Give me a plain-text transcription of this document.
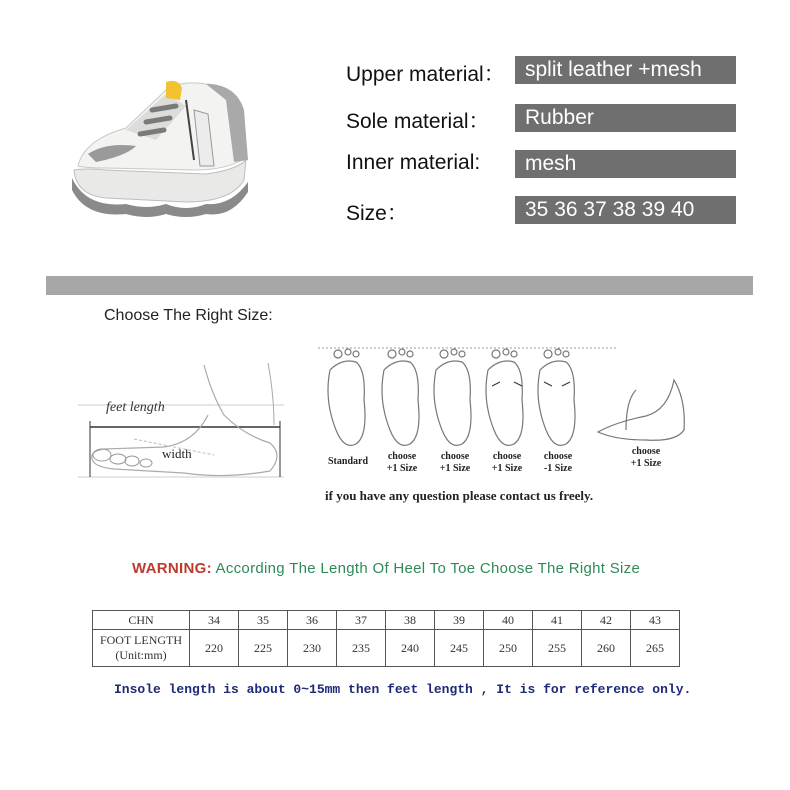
Upper material： split leather +mesh
Sole material：	Rubber
Inner material:	mesh
Size：	35 36 37 38 39 40
Choose The Right Size:
feet length
width
Standard	choose
+1 Size
choose
+1 Size
choose
+1 Size
choose
-1 Size
choose
+1 Size
if you have any question please contact us freely.
WARNING: According The Length Of Heel To Toe Choose The Right Size
CHN	34	35	36	37	38	39	40	41	42	43
FOOT LENGTH
(Unit:mm)	220	225	230	235	240	245	250	255	260	265
Insole length is about 0~15mm then feet length , It is for reference only.
